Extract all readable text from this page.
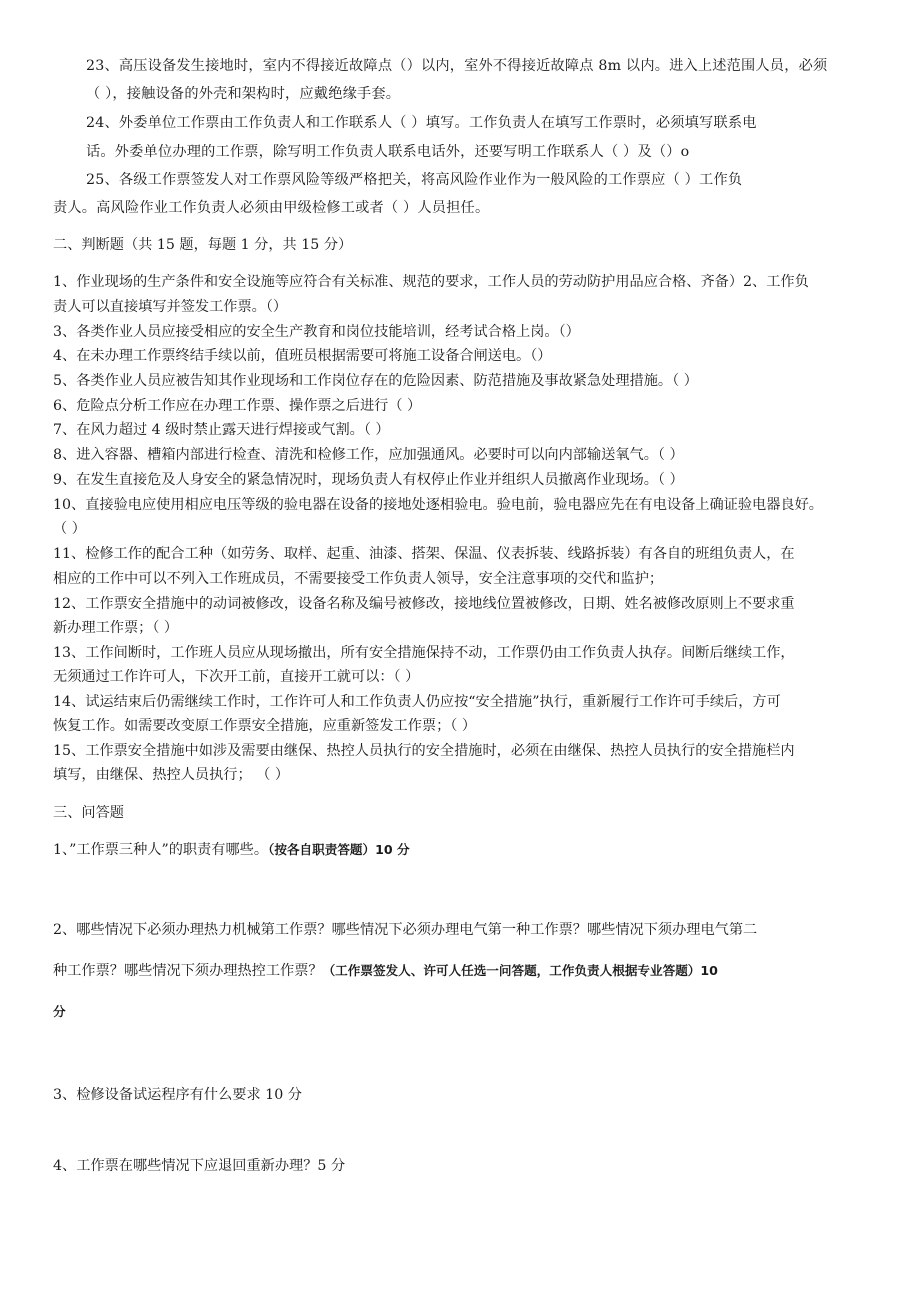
23、高压设备发生接地时，室内不得接近故障点（）以内，室外不得接近故障点 8m 以内。进入上述范围人员，必须
（ ），接触设备的外壳和架构时，应戴绝缘手套。
24、外委单位工作票由工作负责人和工作联系人（ ）填写。工作负责人在填写工作票时，必须填写联系电
话。外委单位办理的工作票，除写明工作负责人联系电话外，还要写明工作联系人（ ）及（）o
25、各级工作票签发人对工作票风险等级严格把关，将高风险作业作为一般风险的工作票应（ ）工作负
责人。高风险作业工作负责人必须由甲级检修工或者（ ）人员担任。
二、判断题（共 15 题，每题 1 分，共 15 分）
1、作业现场的生产条件和安全设施等应符合有关标准、规范的要求，工作人员的劳动防护用品应合格、齐备）2、工作负
责人可以直接填写并签发工作票。（）
3、各类作业人员应接受相应的安全生产教育和岗位技能培训，经考试合格上岗。（）
4、在未办理工作票终结手续以前，值班员根据需要可将施工设备合闸送电。（）
5、各类作业人员应被告知其作业现场和工作岗位存在的危险因素、防范措施及事故紧急处理措施。（ ）
6、危险点分析工作应在办理工作票、操作票之后进行（ ）
7、在风力超过 4 级时禁止露天进行焊接或气割。（ ）
8、进入容器、槽箱内部进行检查、清洗和检修工作，应加强通风。必要时可以向内部输送氧气。（ ）
9、在发生直接危及人身安全的紧急情况时，现场负责人有权停止作业并组织人员撤离作业现场。（ ）
10、直接验电应使用相应电压等级的验电器在设备的接地处逐相验电。验电前，验电器应先在有电设备上确证验电器良好。
（ ）
11、检修工作的配合工种（如劳务、取样、起重、油漆、搭架、保温、仪表拆装、线路拆装）有各自的班组负责人，在
相应的工作中可以不列入工作班成员，不需要接受工作负责人领导，安全注意事项的交代和监护；
12、工作票安全措施中的动词被修改，设备名称及编号被修改，接地线位置被修改，日期、姓名被修改原则上不要求重
新办理工作票；（ ）
13、工作间断时，工作班人员应从现场撤出，所有安全措施保持不动，工作票仍由工作负责人执存。间断后继续工作，
无须通过工作许可人，下次开工前，直接开工就可以：（ ）
14、试运结束后仍需继续工作时，工作许可人和工作负责人仍应按“安全措施”执行，重新履行工作许可手续后，方可
恢复工作。如需要改变原工作票安全措施，应重新签发工作票；（ ）
15、工作票安全措施中如涉及需要由继保、热控人员执行的安全措施时，必须在由继保、热控人员执行的安全措施栏内
填写，由继保、热控人员执行； （ ）
三、问答题
1、”工作票三种人”的职责有哪些。（按各自职责答题）10 分
2、哪些情况下必须办理热力机械第工作票？哪些情况下必须办理电气第一种工作票？哪些情况下须办理电气第二
种工作票？哪些情况下须办理热控工作票？（工作票签发人、许可人任选一问答题，工作负责人根据专业答题）10
分
3、检修设备试运程序有什么要求 10 分
4、工作票在哪些情况下应退回重新办理？5 分
